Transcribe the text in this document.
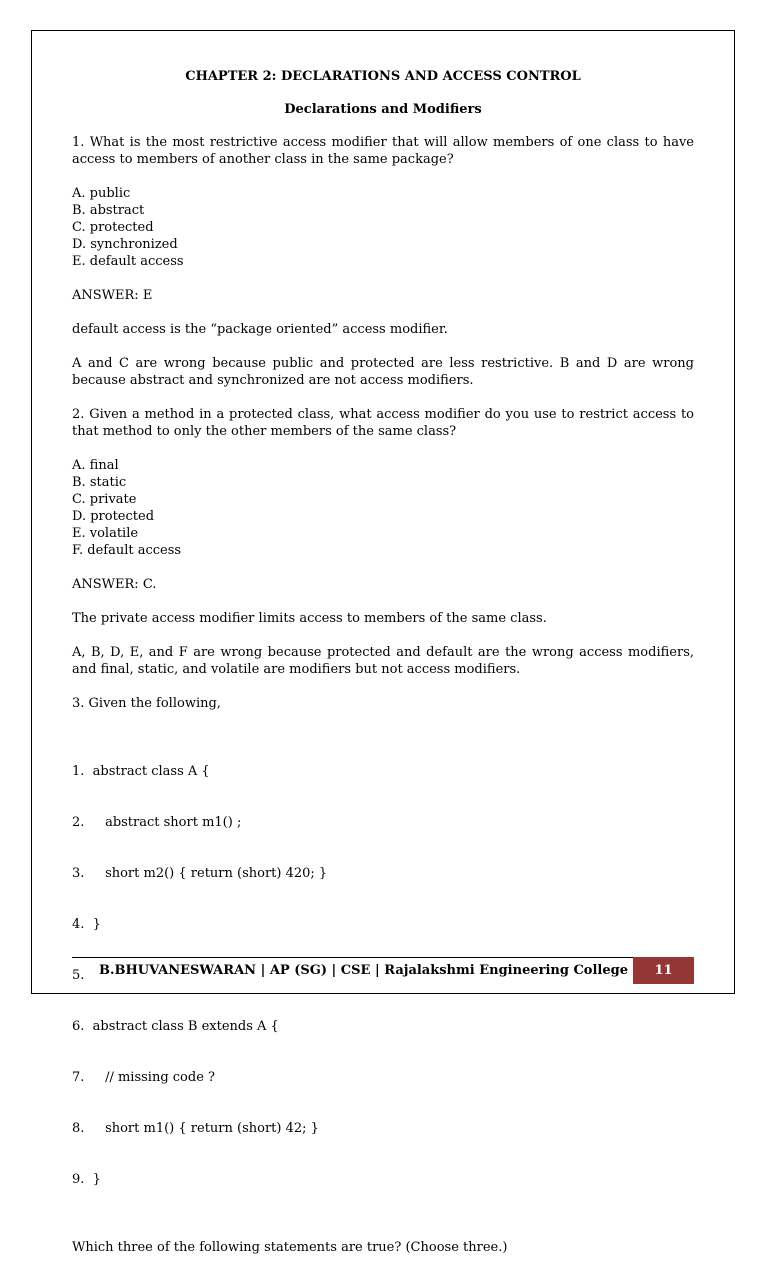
CHAPTER 2: DECLARATIONS AND ACCESS CONTROL
Declarations and Modifiers
1. What is the most restrictive access modifier that will allow members of one class to have access to members of another class in the same package?
A. public
B. abstract
C. protected
D. synchronized
E. default access
ANSWER: E
default access is the “package oriented” access modifier.
A and C are wrong because public and protected are less restrictive. B and D are wrong because abstract and synchronized are not access modifiers.
2. Given a method in a protected class, what access modifier do you use to restrict access to that method to only the other members of the same class?
A. final
B. static
C. private
D. protected
E. volatile
F. default access
ANSWER: C.
The private access modifier limits access to members of the same class.
A, B, D, E, and F are wrong because protected and default are the wrong access modifiers, and final, static, and volatile are modifiers but not access modifiers.
3. Given the following,

1.  abstract class A {

2.     abstract short m1() ;

3.     short m2() { return (short) 420; }

4.  }

5.

6.  abstract class B extends A {

7.     // missing code ?

8.     short m1() { return (short) 42; }

9.  }

Which three of the following statements are true? (Choose three.)
B.BHUVANESWARAN | AP (SG) | CSE | Rajalakshmi Engineering College 11
